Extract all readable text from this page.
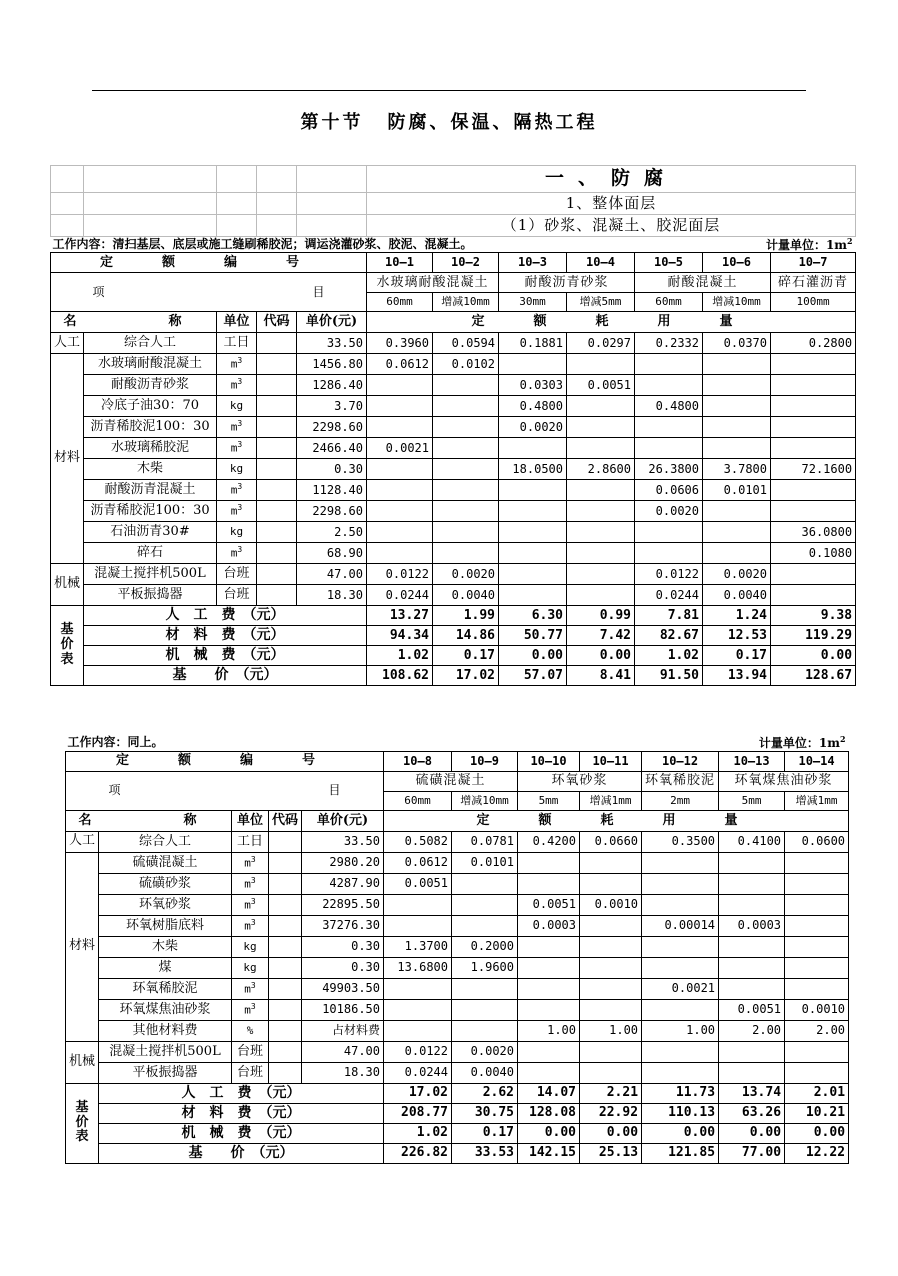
第十节 防腐、保温、隔热工程
					一、防腐						
					1、整体面层						
					（1）砂浆、混凝土、胶泥面层						
工作内容：清扫基层、底层或施工缝刷稀胶泥；调运浇灌砂浆、胶泥、混凝土。									计量单位：$1m^2$
定　额　编　号					10—1	10—2	10—3	10—4	10—5	10—6	10—7
项 目					水玻璃耐酸混凝土		耐酸沥青砂浆		耐酸混凝土		碎石灌沥青
					60mm	增减10mm	30mm	增减5mm	60mm	增减10mm	100mm
名　　称		单位	代码	单价(元)	定　额　耗　用　量						
人工	综合人工	工日		33.50	0.3960	0.0594	0.1881	0.0297	0.2332	0.0370	0.2800
材料	水玻璃耐酸混凝土	$m^3$		1456.80	0.0612	0.0102					
	耐酸沥青砂浆	$m^3$		1286.40			0.0303	0.0051			
	冷底子油30：70	kg		3.70			0.4800		0.4800		
	沥青稀胶泥100：30	$m^3$		2298.60			0.0020				
	水玻璃稀胶泥	$m^3$		2466.40	0.0021						
	木柴	kg		0.30			18.0500	2.8600	26.3800	3.7800	72.1600
	耐酸沥青混凝土	$m^3$		1128.40					0.0606	0.0101	
	沥青稀胶泥100：30	$m^3$		2298.60					0.0020		
	石油沥青30#	kg		2.50							36.0800
	碎石	$m^3$		68.90							0.1080
机械	混凝土搅拌机500L	台班		47.00	0.0122	0.0020			0.0122	0.0020	
	平板振捣器	台班		18.30	0.0244	0.0040			0.0244	0.0040	
基价表	人　工　费　（元）				13.27	1.99	6.30	0.99	7.81	1.24	9.38
	材　料　费　（元）				94.34	14.86	50.77	7.42	82.67	12.53	119.29
	机　械　费　（元）				1.02	0.17	0.00	0.00	1.02	0.17	0.00
	基　　价　（元）				108.62	17.02	57.07	8.41	91.50	13.94	128.67
工作内容：同上。									计量单位：$1m^2$
定　额　编　号					10—8	10—9	10—10	10—11	10—12	10—13	10—14
项 目					硫磺混凝土		环氧砂浆		环氧稀胶泥	环氧煤焦油砂浆	
					60mm	增减10mm	5mm	增减1mm	2mm	5mm	增减1mm
名　　称		单位	代码	单价(元)	定　额　耗　用　量						
人工	综合人工	工日		33.50	0.5082	0.0781	0.4200	0.0660	0.3500	0.4100	0.0600
材料	硫磺混凝土	$m^3$		2980.20	0.0612	0.0101					
	硫磺砂浆	$m^3$		4287.90	0.0051						
	环氧砂浆	$m^3$		22895.50			0.0051	0.0010			
	环氧树脂底料	$m^3$		37276.30			0.0003		0.00014	0.0003	
	木柴	kg		0.30	1.3700	0.2000					
	煤	kg		0.30	13.6800	1.9600					
	环氧稀胶泥	$m^3$		49903.50					0.0021		
	环氧煤焦油砂浆	$m^3$		10186.50						0.0051	0.0010
	其他材料费	%		占材料费			1.00	1.00	1.00	2.00	2.00
机械	混凝土搅拌机500L	台班		47.00	0.0122	0.0020					
	平板振捣器	台班		18.30	0.0244	0.0040					
基价表	人　工　费　（元）				17.02	2.62	14.07	2.21	11.73	13.74	2.01
	材　料　费　（元）				208.77	30.75	128.08	22.92	110.13	63.26	10.21
	机　械　费　（元）				1.02	0.17	0.00	0.00	0.00	0.00	0.00
	基　　价　（元）				226.82	33.53	142.15	25.13	121.85	77.00	12.22
